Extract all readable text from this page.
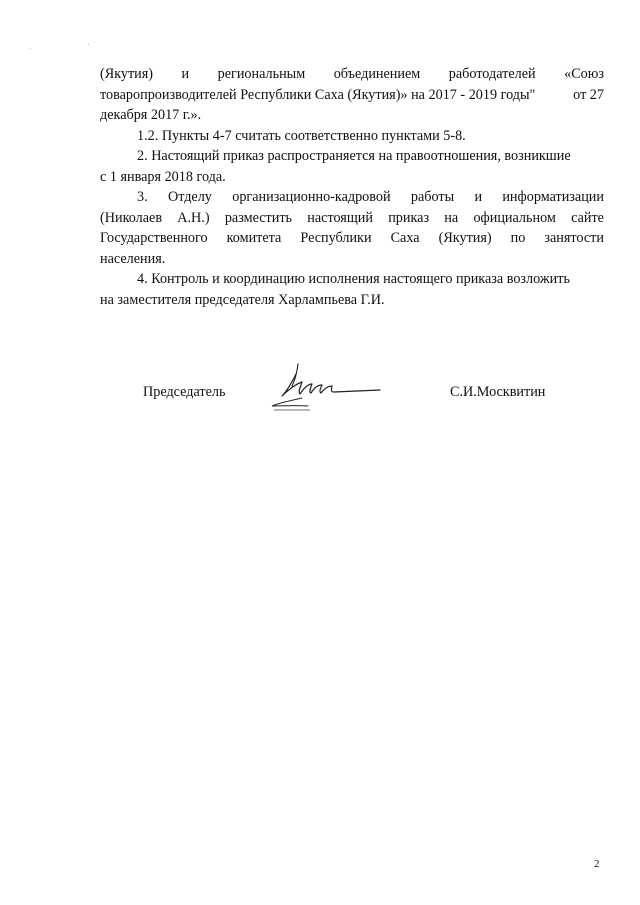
(Якутия) и региональным объединением работодателей «Союз
товаропроизводителей Республики Саха (Якутия)» на 2017 - 2019 годы"	от 27
декабря 2017 г.».
1.2. Пункты 4-7 считать соответственно пунктами 5-8.
2. Настоящий приказ распространяется на правоотношения, возникшие
с 1 января 2018 года.
3. Отделу организационно-кадровой работы и информатизации
(Николаев А.Н.) разместить настоящий приказ на официальном сайте
Государственного комитета Республики Саха (Якутия) по занятости
населения.
4. Контроль и координацию исполнения настоящего приказа возложить
на заместителя председателя Харлампьева Г.И.
Председатель	С.И.Москвитин
2
